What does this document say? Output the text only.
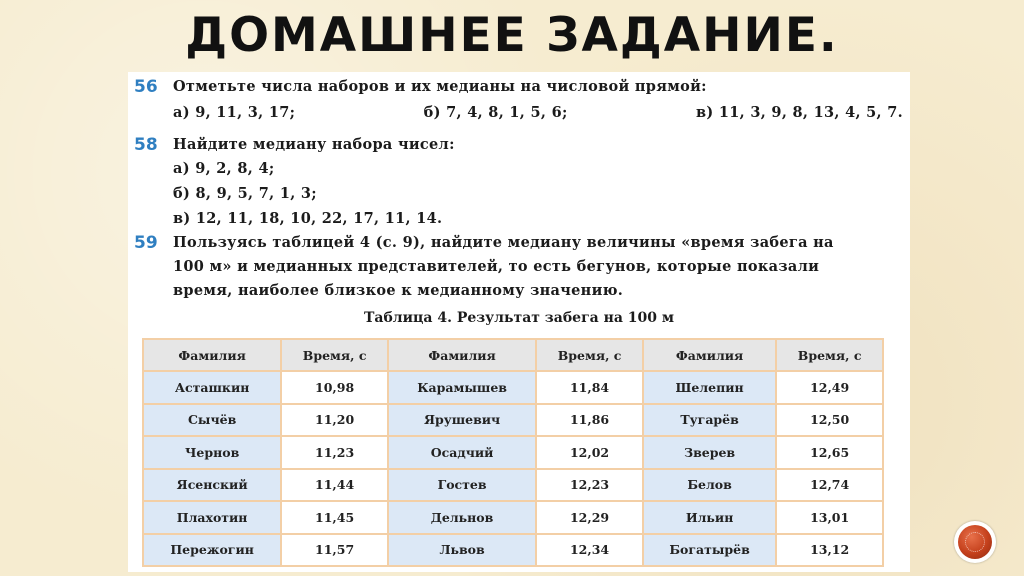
ДОМАШНЕЕ ЗАДАНИЕ.
56 Отметьте числа наборов и их медианы на числовой прямой:
а) 9, 11, 3, 17;	б) 7, 4, 8, 1, 5, 6;	в) 11, 3, 9, 8, 13, 4, 5, 7.
58 Найдите медиану набора чисел:
а) 9, 2, 8, 4;
б) 8, 9, 5, 7, 1, 3;
в) 12, 11, 18, 10, 22, 17, 11, 14.
59 Пользуясь таблицей 4 (с. 9), найдите медиану величины «время забега на
100 м» и медианных представителей, то есть бегунов, которые показали
время, наиболее близкое к медианному значению.
Таблица 4. Результат забега на 100 м
Фамилия	Время, с	Фамилия	Время, с	Фамилия	Время, с
Асташкин	10,98	Карамышев	11,84	Шелепин	12,49
Сычёв	11,20	Ярушевич	11,86	Тугарёв	12,50
Чернов	11,23	Осадчий	12,02	Зверев	12,65
Ясенский	11,44	Гостев	12,23	Белов	12,74
Плахотин	11,45	Дельнов	12,29	Ильин	13,01
Пережогин	11,57	Львов	12,34	Богатырёв	13,12
